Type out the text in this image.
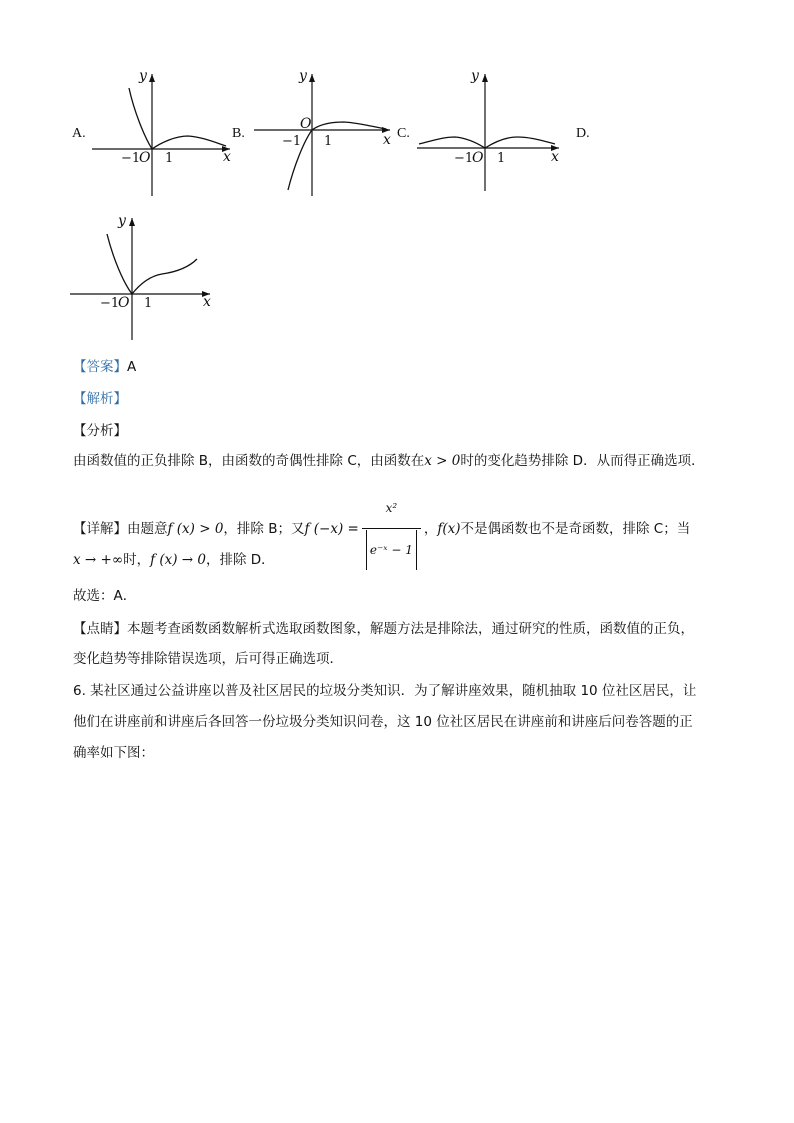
A.
y
x
−1
O 1
B.
y
x
−1
O
1
C.
y
x
−1
O 1
D.
y
x
−1
O 1
【答案】A
【解析】
【分析】
由函数值的正负排除 B，由函数的奇偶性排除 C，由函数在x > 0时的变化趋势排除 D．从而得正确选项．
【详解】由题意f (x) > 0，排除 B；又f $(-x) = \frac{\text{x²}}{\text{e⁻ˣ − 1}}$ ，f(x)不是偶函数也不是奇函数，排除 C；当
x → +∞时，f (x) → 0，排除 D．
故选：A．
【点睛】本题考查函数函数解析式选取函数图象，解题方法是排除法，通过研究的性质，函数值的正负，
变化趋势等排除错误选项，后可得正确选项．
6. 某社区通过公益讲座以普及社区居民的垃圾分类知识．为了解讲座效果，随机抽取 10 位社区居民，让
他们在讲座前和讲座后各回答一份垃圾分类知识问卷，这 10 位社区居民在讲座前和讲座后问卷答题的正
确率如下图：
